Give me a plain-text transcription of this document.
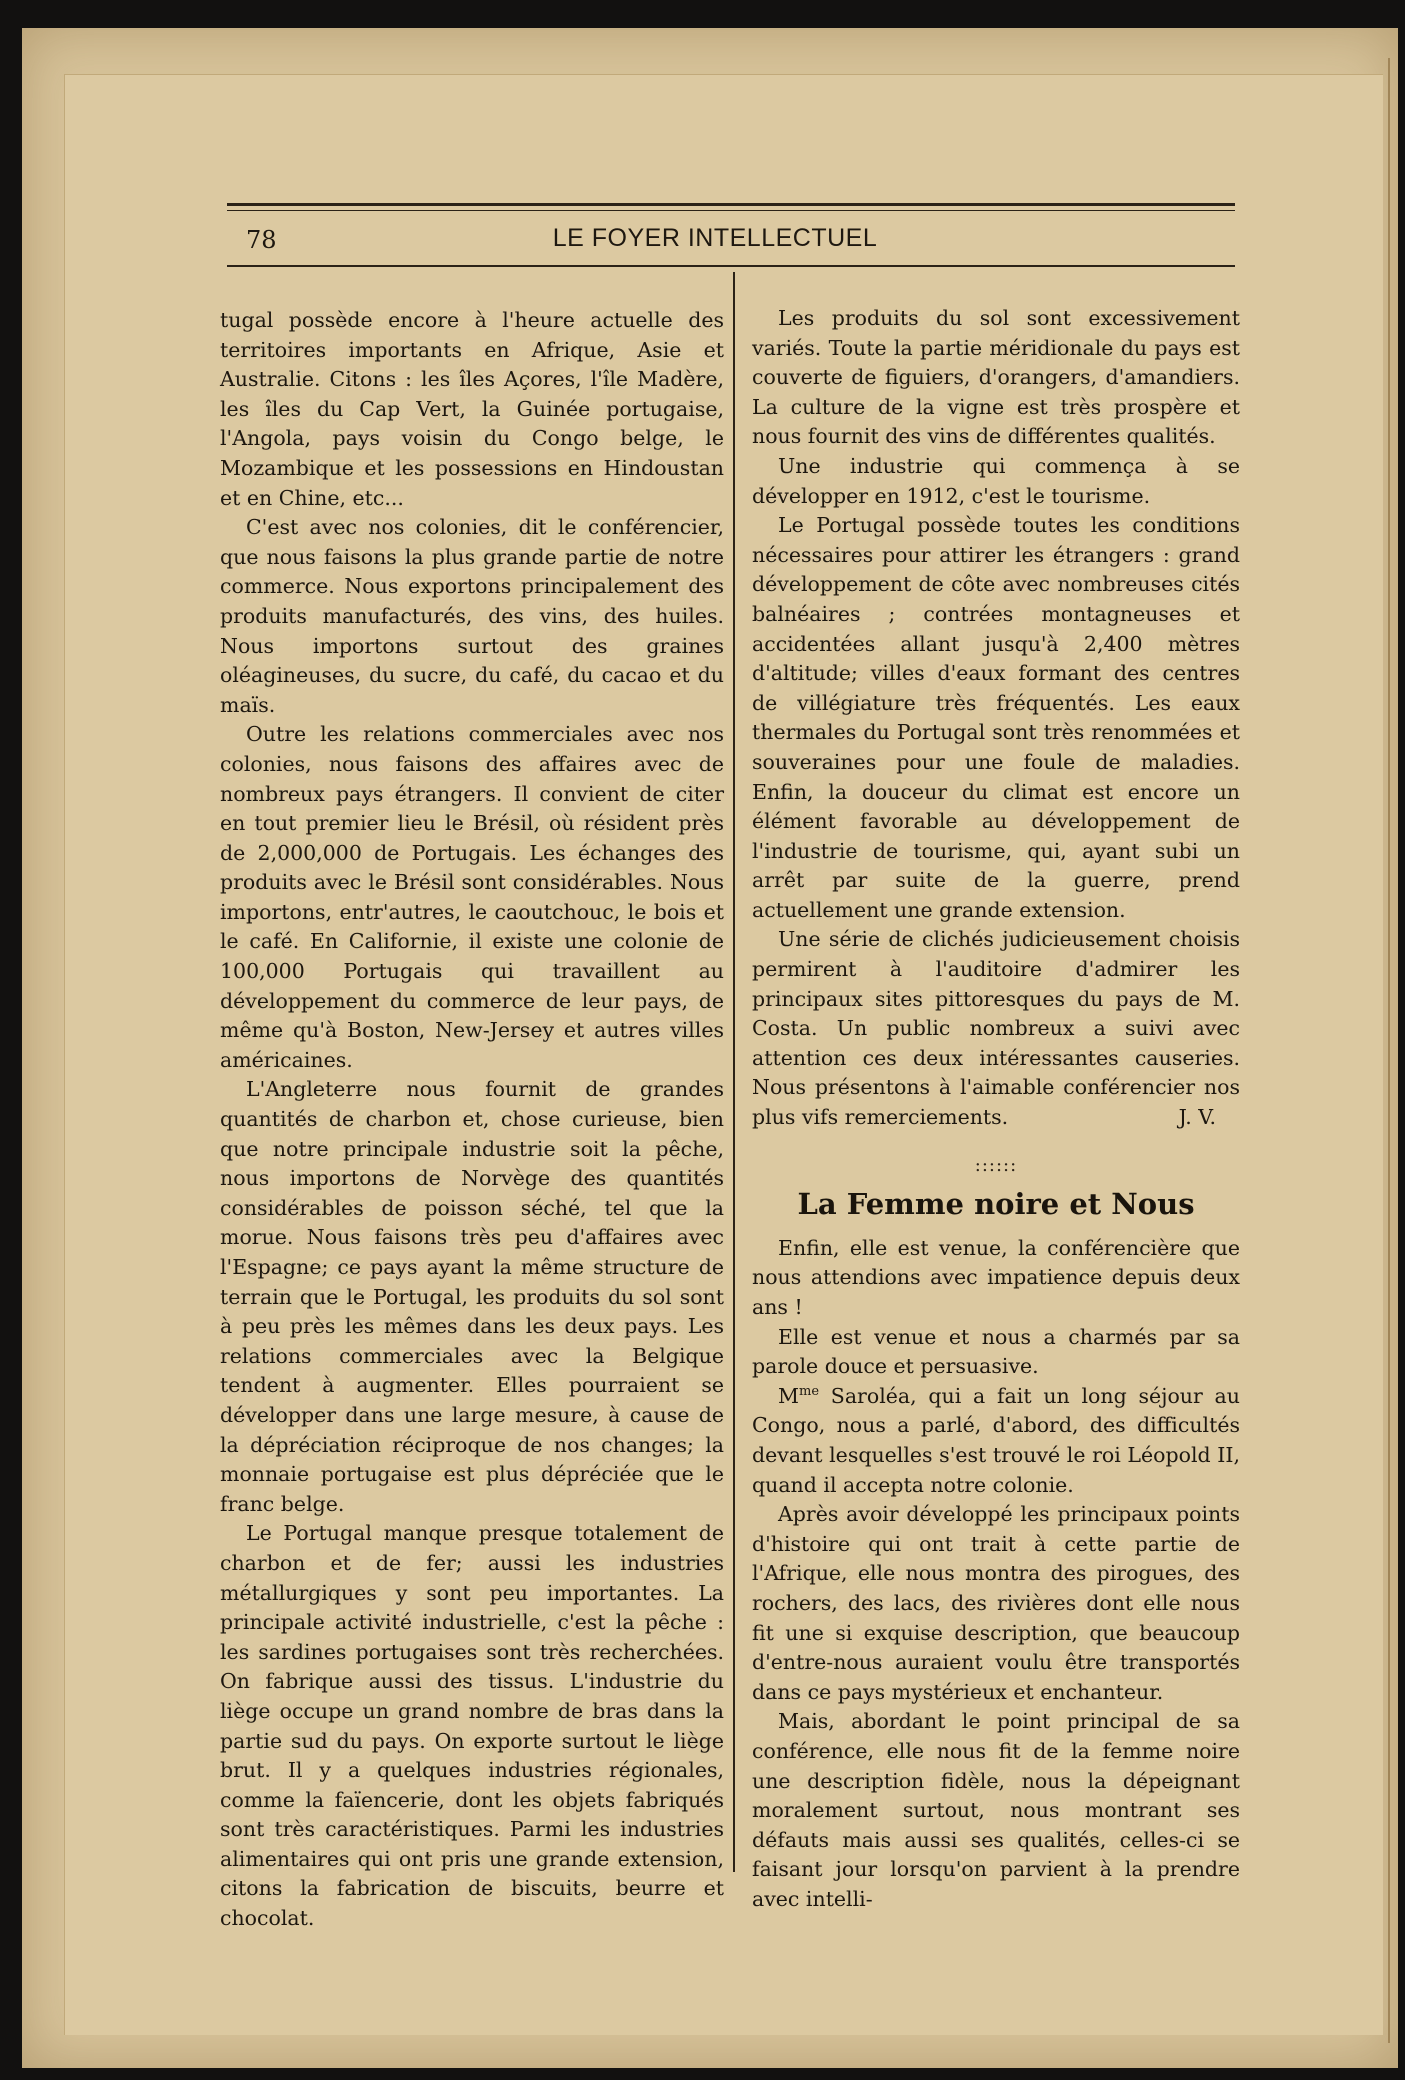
78	LE FOYER INTELLECTUEL

tugal possède encore à l'heure actuelle des territoires importants en Afrique, Asie et Australie. Citons : les îles Açores, l'île Madère, les îles du Cap Vert, la Guinée portugaise, l'Angola, pays voisin du Congo belge, le Mozambique et les possessions en Hindoustan et en Chine, etc...

C'est avec nos colonies, dit le conférencier, que nous faisons la plus grande partie de notre commerce. Nous exportons principalement des produits manufacturés, des vins, des huiles. Nous importons surtout des graines oléagineuses, du sucre, du café, du cacao et du maïs.

Outre les relations commerciales avec nos colonies, nous faisons des affaires avec de nombreux pays étrangers. Il convient de citer en tout premier lieu le Brésil, où résident près de 2,000,000 de Portugais. Les échanges des produits avec le Brésil sont considérables. Nous importons, entr'autres, le caoutchouc, le bois et le café. En Californie, il existe une colonie de 100,000 Portugais qui travaillent au développement du commerce de leur pays, de même qu'à Boston, New-Jersey et autres villes américaines.

L'Angleterre nous fournit de grandes quantités de charbon et, chose curieuse, bien que notre principale industrie soit la pêche, nous importons de Norvège des quantités considérables de poisson séché, tel que la morue. Nous faisons très peu d'affaires avec l'Espagne; ce pays ayant la même structure de terrain que le Portugal, les produits du sol sont à peu près les mêmes dans les deux pays. Les relations commerciales avec la Belgique tendent à augmenter. Elles pourraient se développer dans une large mesure, à cause de la dépréciation réciproque de nos changes; la monnaie portugaise est plus dépréciée que le franc belge.

Le Portugal manque presque totalement de charbon et de fer; aussi les industries métallurgiques y sont peu importantes. La principale activité industrielle, c'est la pêche : les sardines portugaises sont très recherchées. On fabrique aussi des tissus. L'industrie du liège occupe un grand nombre de bras dans la partie sud du pays. On exporte surtout le liège brut. Il y a quelques industries régionales, comme la faïencerie, dont les objets fabriqués sont très caractéristiques. Parmi les industries alimentaires qui ont pris une grande extension, citons la fabrication de biscuits, beurre et chocolat.

Les produits du sol sont excessivement variés. Toute la partie méridionale du pays est couverte de figuiers, d'orangers, d'amandiers. La culture de la vigne est très prospère et nous fournit des vins de différentes qualités.

Une industrie qui commença à se développer en 1912, c'est le tourisme.

Le Portugal possède toutes les conditions nécessaires pour attirer les étrangers : grand développement de côte avec nombreuses cités balnéaires ; contrées montagneuses et accidentées allant jusqu'à 2,400 mètres d'altitude; villes d'eaux formant des centres de villégiature très fréquentés. Les eaux thermales du Portugal sont très renommées et souveraines pour une foule de maladies. Enfin, la douceur du climat est encore un élément favorable au développement de l'industrie de tourisme, qui, ayant subi un arrêt par suite de la guerre, prend actuellement une grande extension.

Une série de clichés judicieusement choisis permirent à l'auditoire d'admirer les principaux sites pittoresques du pays de M. Costa. Un public nombreux a suivi avec attention ces deux intéressantes causeries. Nous présentons à l'aimable conférencier nos plus vifs remerciements.	J. V.

::::::
La Femme noire et Nous

Enfin, elle est venue, la conférencière que nous attendions avec impatience depuis deux ans !

Elle est venue et nous a charmés par sa parole douce et persuasive.

$M^{me}$ Saroléa, qui a fait un long séjour au Congo, nous a parlé, d'abord, des difficultés devant lesquelles s'est trouvé le roi Léopold II, quand il accepta notre colonie.

Après avoir développé les principaux points d'histoire qui ont trait à cette partie de l'Afrique, elle nous montra des pirogues, des rochers, des lacs, des rivières dont elle nous fit une si exquise description, que beaucoup d'entre-nous auraient voulu être transportés dans ce pays mystérieux et enchanteur.

Mais, abordant le point principal de sa conférence, elle nous fit de la femme noire une description fidèle, nous la dépeignant moralement surtout, nous montrant ses défauts mais aussi ses qualités, celles-ci se faisant jour lorsqu'on parvient à la prendre avec intelli-
